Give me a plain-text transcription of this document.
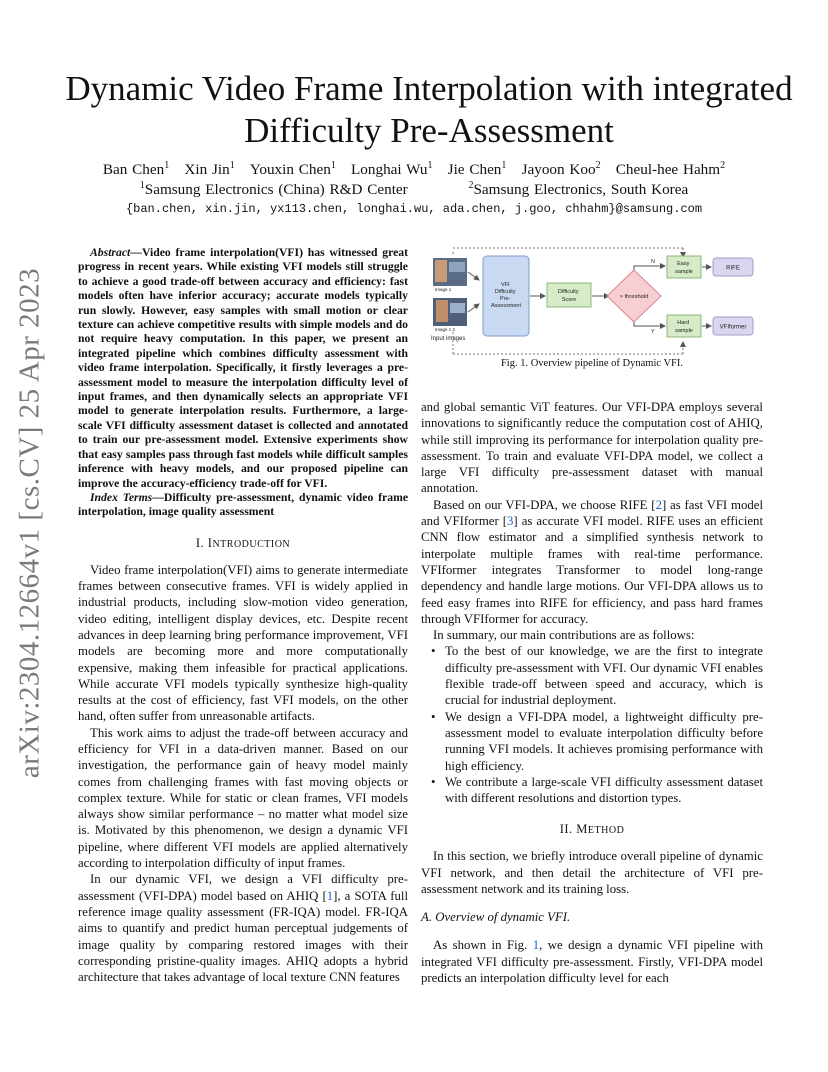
arXiv:2304.12664v1 [cs.CV] 25 Apr 2023
Dynamic Video Frame Interpolation with integrated Difficulty Pre-Assessment
Ban Chen$^1$  Xin Jin$^1$  Youxin Chen$^1$  Longhai Wu$^1$  Jie Chen$^1$  Jayoon Koo$^2$  Cheul-hee Hahm$^2$
$^1$Samsung Electronics (China) R&D Center    	$^2$Samsung Electronics, South Korea
{ban.chen, xin.jin, yx113.chen, longhai.wu, ada.chen, j.goo, chhahm}@samsung.com

Abstract—Video frame interpolation(VFI) has witnessed great progress in recent years. While existing VFI models still struggle to achieve a good trade-off between accuracy and efficiency: fast models often have inferior accuracy; accurate models typically run slowly. However, easy samples with small motion or clear texture can achieve competitive results with simple models and do not require heavy computation. In this paper, we present an integrated pipeline which combines difficulty assessment with video frame interpolation. Specifically, it firstly leverages a pre-assessment model to measure the interpolation difficulty level of input frames, and then dynamically selects an appropriate VFI model to generate interpolation results. Furthermore, a large-scale VFI difficulty assessment dataset is collected and annotated to train our pre-assessment model. Extensive experiments show that easy samples pass through fast models while difficult samples inference with heavy models, and our proposed pipeline can improve the accuracy-efficiency trade-off for VFI.

Index Terms—Difficulty pre-assessment, dynamic video frame interpolation, image quality assessment

I. INTRODUCTION

Video frame interpolation(VFI) aims to generate intermediate frames between consecutive frames. VFI is widely applied in industrial products, including slow-motion video generation, video editing, intelligent display devices, etc. Despite recent advances in deep learning bring performance improvement, VFI models are becoming more and more computationally expensive, making them infeasible for practical applications. While accurate VFI models typically synthesize high-quality results at the cost of efficiency, fast VFI models, on the other hand, often suffer from unreasonable artifacts.

This work aims to adjust the trade-off between accuracy and efficiency for VFI in a data-driven manner. Based on our investigation, the performance gain of heavy model mainly comes from challenging frames with fast moving objects or complex texture. While for static or clean frames, VFI models always show similar performance – no matter what model size is. Motivated by this phenomenon, we design a dynamic VFI pipeline, where different VFI models are applied alternatively according to interpolation difficulty of input frames.

In our dynamic VFI, we design a VFI difficulty pre-assessment (VFI-DPA) model based on AHIQ [1], a SOTA full reference image quality assessment (FR-IQA) model. FR-IQA aims to quantify and predict human perceptual judgements of image quality by comparing restored images with their corresponding pristine-quality images. AHIQ adopts a hybrid architecture that takes advantage of local texture CNN features

Image 1
Image 1 2
Input images
VFI Difficulty Pre- Assessment
Difficulty Score	> threshold
N
Y
Easy sample
Hard sample
RIFE
VFIformer
Fig. 1. Overview pipeline of Dynamic VFI.

and global semantic ViT features. Our VFI-DPA employs several innovations to significantly reduce the computation cost of AHIQ, while still improving its performance for interpolation quality pre-assessment. To train and evaluate VFI-DPA model, we collect a large VFI difficulty pre-assessment dataset with manual annotation.

Based on our VFI-DPA, we choose RIFE [2] as fast VFI model and VFIformer [3] as accurate VFI model. RIFE uses an efficient CNN flow estimator and a simplified synthesis network to interpolate multiple frames with real-time performance. VFIformer integrates Transformer to model long-range dependency and handle large motions. Our VFI-DPA allows us to feed easy frames into RIFE for efficiency, and pass hard frames through VFIformer for accuracy.

In summary, our main contributions are as follows:

• To the best of our knowledge, we are the first to integrate difficulty pre-assessment with VFI. Our dynamic VFI enables flexible trade-off between speed and accuracy, which is crucial for industrial deployment.
• We design a VFI-DPA model, a lightweight difficulty pre-assessment model to evaluate interpolation difficulty before running VFI models. It achieves promising performance with high efficiency.
• We contribute a large-scale VFI difficulty assessment dataset with different resolutions and distortion types.
II. METHOD

In this section, we briefly introduce overall pipeline of dynamic VFI network, and then detail the architecture of VFI pre-assessment network and its training loss.

A. Overview of dynamic VFI.

As shown in Fig. 1, we design a dynamic VFI pipeline with integrated VFI difficulty pre-assessment. Firstly, VFI-DPA model predicts an interpolation difficulty level for each
